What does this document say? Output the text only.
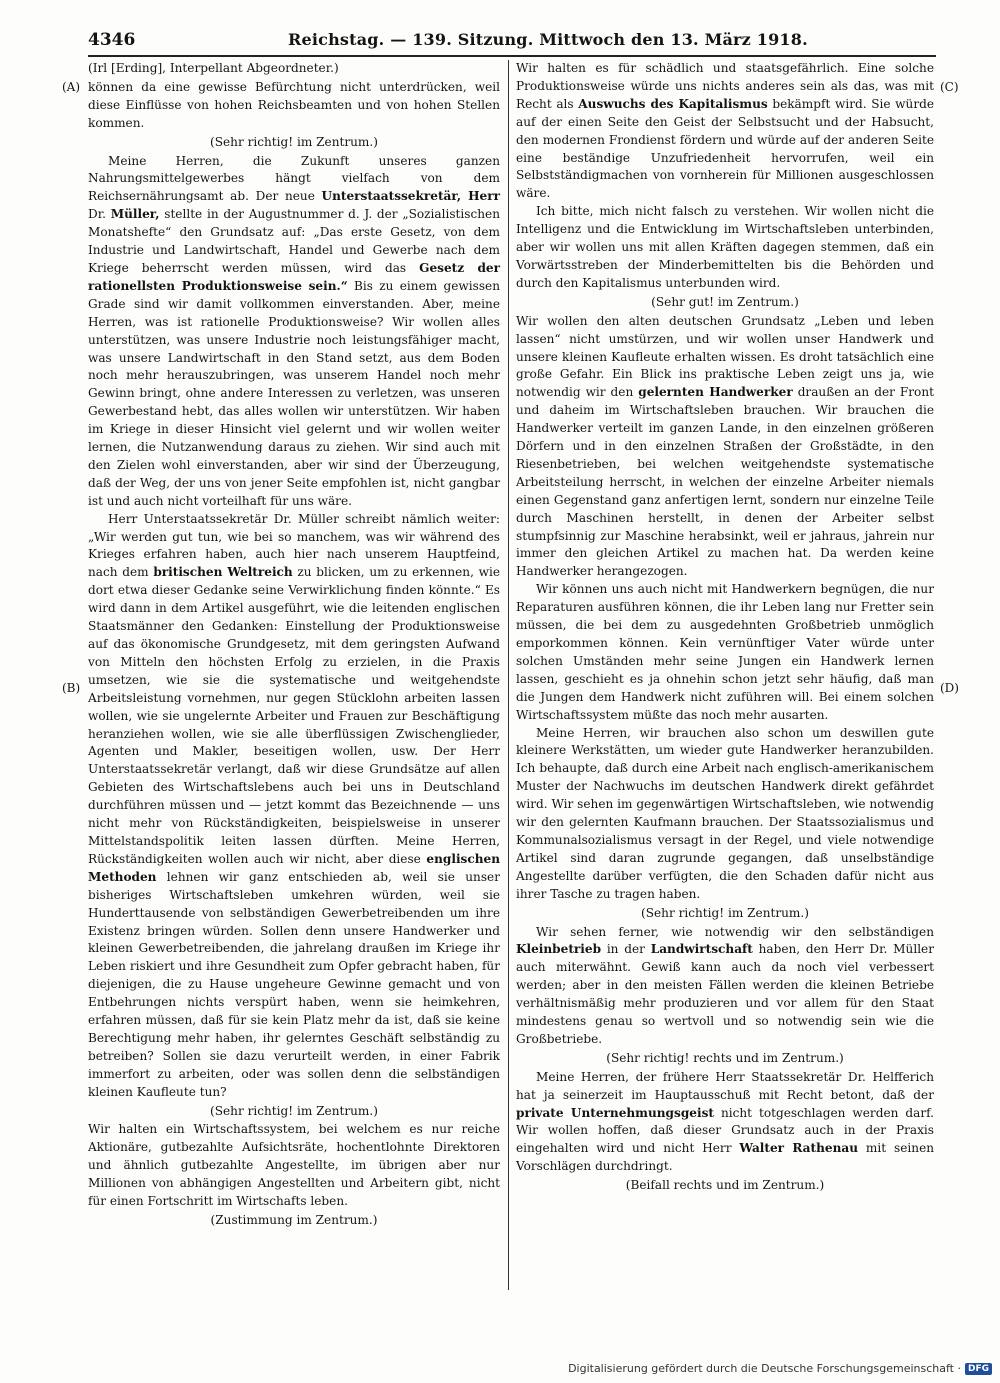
4346	Reichstag. — 139. Sitzung. Mittwoch den 13. März 1918.
(A)
(B)
(C)
(D)

(Irl [Erding], Interpellant Abgeordneter.)

können da eine gewisse Befürchtung nicht unterdrücken, weil diese Einflüsse von hohen Reichsbeamten und von hohen Stellen kommen.

(Sehr richtig! im Zentrum.)

Meine Herren, die Zukunft unseres ganzen Nahrungsmittelgewerbes hängt vielfach von dem Reichsernährungsamt ab. Der neue Unterstaatssekretär, Herr Dr. Müller, stellte in der Augustnummer d. J. der „Sozialistischen Monatshefte“ den Grundsatz auf: „Das erste Gesetz, von dem Industrie und Landwirtschaft, Handel und Gewerbe nach dem Kriege beherrscht werden müssen, wird das Gesetz der rationellsten Produktionsweise sein.“ Bis zu einem gewissen Grade sind wir damit vollkommen einverstanden. Aber, meine Herren, was ist rationelle Produktionsweise? Wir wollen alles unterstützen, was unsere Industrie noch leistungsfähiger macht, was unsere Landwirtschaft in den Stand setzt, aus dem Boden noch mehr herauszubringen, was unserem Handel noch mehr Gewinn bringt, ohne andere Interessen zu verletzen, was unseren Gewerbestand hebt, das alles wollen wir unterstützen. Wir haben im Kriege in dieser Hinsicht viel gelernt und wir wollen weiter lernen, die Nutzanwendung daraus zu ziehen. Wir sind auch mit den Zielen wohl einverstanden, aber wir sind der Überzeugung, daß der Weg, der uns von jener Seite empfohlen ist, nicht gangbar ist und auch nicht vorteilhaft für uns wäre.

Herr Unterstaatssekretär Dr. Müller schreibt nämlich weiter: „Wir werden gut tun, wie bei so manchem, was wir während des Krieges erfahren haben, auch hier nach unserem Hauptfeind, nach dem britischen Weltreich zu blicken, um zu erkennen, wie dort etwa dieser Gedanke seine Verwirklichung finden könnte.“ Es wird dann in dem Artikel ausgeführt, wie die leitenden englischen Staatsmänner den Gedanken: Einstellung der Produktionsweise auf das ökonomische Grundgesetz, mit dem geringsten Aufwand von Mitteln den höchsten Erfolg zu erzielen, in die Praxis umsetzen, wie sie die systematische und weitgehendste Arbeitsleistung vornehmen, nur gegen Stücklohn arbeiten lassen wollen, wie sie ungelernte Arbeiter und Frauen zur Beschäftigung heranziehen wollen, wie sie alle überflüssigen Zwischenglieder, Agenten und Makler, beseitigen wollen, usw. Der Herr Unterstaatssekretär verlangt, daß wir diese Grundsätze auf allen Gebieten des Wirtschaftslebens auch bei uns in Deutschland durchführen müssen und — jetzt kommt das Bezeichnende — uns nicht mehr von Rückständigkeiten, beispielsweise in unserer Mittelstandspolitik leiten lassen dürften. Meine Herren, Rückständigkeiten wollen auch wir nicht, aber diese englischen Methoden lehnen wir ganz entschieden ab, weil sie unser bisheriges Wirtschaftsleben umkehren würden, weil sie Hunderttausende von selbständigen Gewerbetreibenden um ihre Existenz bringen würden. Sollen denn unsere Handwerker und kleinen Gewerbetreibenden, die jahrelang draußen im Kriege ihr Leben riskiert und ihre Gesundheit zum Opfer gebracht haben, für diejenigen, die zu Hause ungeheure Gewinne gemacht und von Entbehrungen nichts verspürt haben, wenn sie heimkehren, erfahren müssen, daß für sie kein Platz mehr da ist, daß sie keine Berechtigung mehr haben, ihr gelerntes Geschäft selbständig zu betreiben? Sollen sie dazu verurteilt werden, in einer Fabrik immerfort zu arbeiten, oder was sollen denn die selbständigen kleinen Kaufleute tun?

(Sehr richtig! im Zentrum.)

Wir halten ein Wirtschaftssystem, bei welchem es nur reiche Aktionäre, gutbezahlte Aufsichtsräte, hochentlohnte Direktoren und ähnlich gutbezahlte Angestellte, im übrigen aber nur Millionen von abhängigen Angestellten und Arbeitern gibt, nicht für einen Fortschritt im Wirtschafts leben.

(Zustimmung im Zentrum.)

Wir halten es für schädlich und staatsgefährlich. Eine solche Produktionsweise würde uns nichts anderes sein als das, was mit Recht als Auswuchs des Kapitalismus bekämpft wird. Sie würde auf der einen Seite den Geist der Selbstsucht und der Habsucht, den modernen Frondienst fördern und würde auf der anderen Seite eine beständige Unzufriedenheit hervorrufen, weil ein Selbstständigmachen von vornherein für Millionen ausgeschlossen wäre.

Ich bitte, mich nicht falsch zu verstehen. Wir wollen nicht die Intelligenz und die Entwicklung im Wirtschaftsleben unterbinden, aber wir wollen uns mit allen Kräften dagegen stemmen, daß ein Vorwärtsstreben der Minderbemittelten bis die Behörden und durch den Kapitalismus unterbunden wird.

(Sehr gut! im Zentrum.)

Wir wollen den alten deutschen Grundsatz „Leben und leben lassen“ nicht umstürzen, und wir wollen unser Handwerk und unsere kleinen Kaufleute erhalten wissen. Es droht tatsächlich eine große Gefahr. Ein Blick ins praktische Leben zeigt uns ja, wie notwendig wir den gelernten Handwerker draußen an der Front und daheim im Wirtschaftsleben brauchen. Wir brauchen die Handwerker verteilt im ganzen Lande, in den einzelnen größeren Dörfern und in den einzelnen Straßen der Großstädte, in den Riesenbetrieben, bei welchen weitgehendste systematische Arbeitsteilung herrscht, in welchen der einzelne Arbeiter niemals einen Gegenstand ganz anfertigen lernt, sondern nur einzelne Teile durch Maschinen herstellt, in denen der Arbeiter selbst stumpfsinnig zur Maschine herabsinkt, weil er jahraus, jahrein nur immer den gleichen Artikel zu machen hat. Da werden keine Handwerker herangezogen.

Wir können uns auch nicht mit Handwerkern begnügen, die nur Reparaturen ausführen können, die ihr Leben lang nur Fretter sein müssen, die bei dem zu ausgedehnten Großbetrieb unmöglich emporkommen können. Kein vernünftiger Vater würde unter solchen Umständen mehr seine Jungen ein Handwerk lernen lassen, geschieht es ja ohnehin schon jetzt sehr häufig, daß man die Jungen dem Handwerk nicht zuführen will. Bei einem solchen Wirtschaftssystem müßte das noch mehr ausarten.

Meine Herren, wir brauchen also schon um deswillen gute kleinere Werkstätten, um wieder gute Handwerker heranzubilden. Ich behaupte, daß durch eine Arbeit nach englisch-amerikanischem Muster der Nachwuchs im deutschen Handwerk direkt gefährdet wird. Wir sehen im gegenwärtigen Wirtschaftsleben, wie notwendig wir den gelernten Kaufmann brauchen. Der Staatssozialismus und Kommunalsozialismus versagt in der Regel, und viele notwendige Artikel sind daran zugrunde gegangen, daß unselbständige Angestellte darüber verfügten, die den Schaden dafür nicht aus ihrer Tasche zu tragen haben.

(Sehr richtig! im Zentrum.)

Wir sehen ferner, wie notwendig wir den selbständigen Kleinbetrieb in der Landwirtschaft haben, den Herr Dr. Müller auch miterwähnt. Gewiß kann auch da noch viel verbessert werden; aber in den meisten Fällen werden die kleinen Betriebe verhältnismäßig mehr produzieren und vor allem für den Staat mindestens genau so wertvoll und so notwendig sein wie die Großbetriebe.

(Sehr richtig! rechts und im Zentrum.)

Meine Herren, der frühere Herr Staatssekretär Dr. Helfferich hat ja seinerzeit im Hauptausschuß mit Recht betont, daß der private Unternehmungsgeist nicht totgeschlagen werden darf. Wir wollen hoffen, daß dieser Grundsatz auch in der Praxis eingehalten wird und nicht Herr Walter Rathenau mit seinen Vorschlägen durchdringt.

(Beifall rechts und im Zentrum.)

Digitalisierung gefördert durch die Deutsche Forschungsgemeinschaft · DFG
